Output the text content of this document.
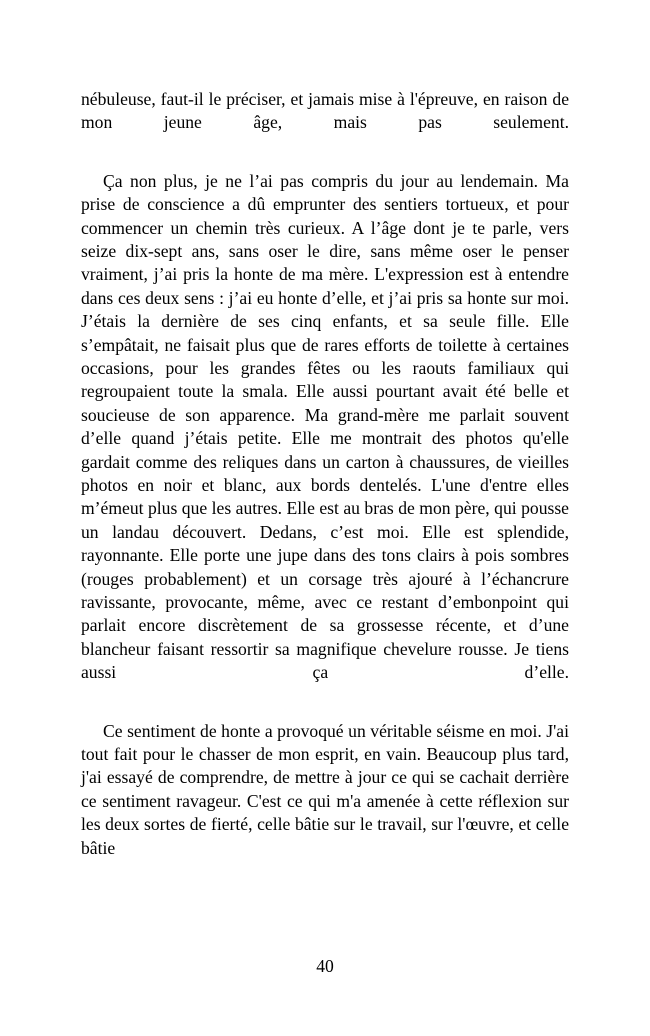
nébuleuse, faut-il le préciser, et jamais mise à l'épreuve, en raison de mon jeune âge, mais pas seulement.

Ça non plus, je ne l’ai pas compris du jour au lendemain. Ma prise de conscience a dû emprunter des sentiers tortueux, et pour commencer un chemin très curieux. A l’âge dont je te parle, vers seize dix-sept ans, sans oser le dire, sans même oser le penser vraiment, j’ai pris la honte de ma mère. L'expression est à entendre dans ces deux sens : j’ai eu honte d’elle, et j’ai pris sa honte sur moi. J’étais la dernière de ses cinq enfants, et sa seule fille. Elle s’empâtait, ne faisait plus que de rares efforts de toilette à certaines occasions, pour les grandes fêtes ou les raouts familiaux qui regroupaient toute la smala. Elle aussi pourtant avait été belle et soucieuse de son apparence. Ma grand-mère me parlait souvent d’elle quand j’étais petite. Elle me montrait des photos qu'elle gardait comme des reliques dans un carton à chaussures, de vieilles photos en noir et blanc, aux bords dentelés. L'une d'entre elles m’émeut plus que les autres. Elle est au bras de mon père, qui pousse un landau découvert. Dedans, c’est moi. Elle est splendide, rayonnante. Elle porte une jupe dans des tons clairs à pois sombres (rouges probablement) et un corsage très ajouré à l’échancrure ravissante, provocante, même, avec ce restant d’embonpoint qui parlait encore discrètement de sa grossesse récente, et d’une blancheur faisant ressortir sa magnifique chevelure rousse. Je tiens aussi ça d’elle.

Ce sentiment de honte a provoqué un véritable séisme en moi. J'ai tout fait pour le chasser de mon esprit, en vain. Beaucoup plus tard, j'ai essayé de comprendre, de mettre à jour ce qui se cachait derrière ce sentiment ravageur. C'est ce qui m'a amenée à cette réflexion sur les deux sortes de fierté, celle bâtie sur le travail, sur l'œuvre, et celle bâtie

40
